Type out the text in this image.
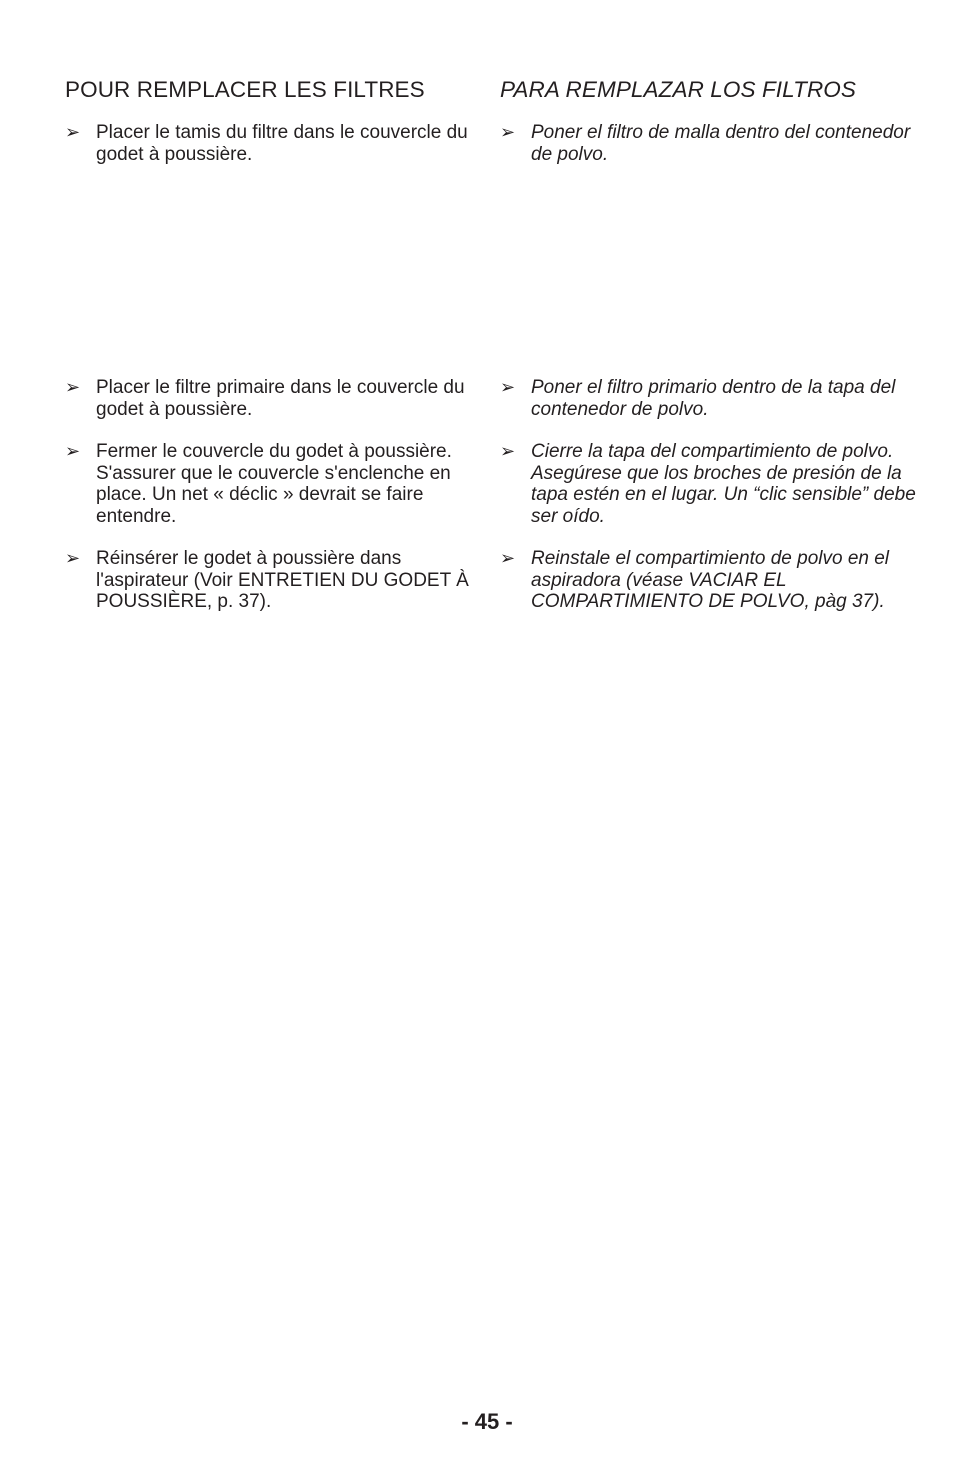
POUR REMPLACER LES FILTRES
➢ Placer le tamis du filtre dans le couvercle du godet à poussière.
➢ Placer le filtre primaire dans le couvercle du godet à poussière.
➢ Fermer le couvercle du godet à poussière. S'assurer que le couvercle s'enclenche en place. Un net « déclic » devrait se faire entendre.
➢ Réinsérer le godet à poussière dans l'aspirateur (Voir ENTRETIEN DU GODET À POUSSIÈRE, p. 37).
PARA REMPLAZAR LOS FILTROS
➢ Poner el filtro de malla dentro del contenedor de polvo.
➢ Poner el filtro primario dentro de la tapa del contenedor de polvo.
➢ Cierre la tapa del compartimiento de polvo. Asegúrese que los broches de presión de la tapa estén en el lugar. Un “clic sensible” debe ser oído.
➢ Reinstale el compartimiento de polvo en el aspiradora (véase VACIAR EL COMPARTIMIENTO DE POLVO, pàg 37).
- 45 -
